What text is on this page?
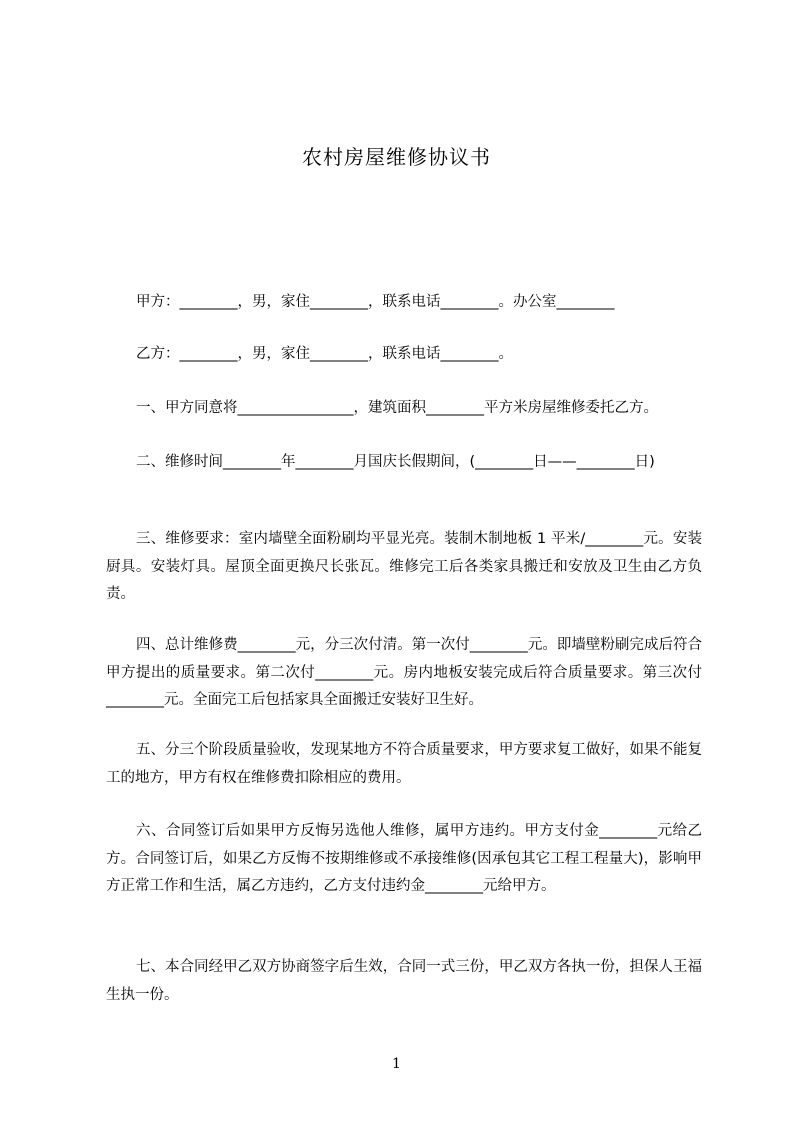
农村房屋维修协议书
甲方：________，男，家住________，联系电话________。办公室________
乙方：________，男，家住________，联系电话________。
一、甲方同意将________________，建筑面积________平方米房屋维修委托乙方。
二、维修时间________年________月国庆长假期间，(________日——________日)
三、维修要求：室内墙壁全面粉刷均平显光亮。装制木制地板 1 平米/________元。安装厨具。安装灯具。屋顶全面更换尺长张瓦。维修完工后各类家具搬迁和安放及卫生由乙方负责。
四、总计维修费________元，分三次付清。第一次付________元。即墙壁粉刷完成后符合甲方提出的质量要求。第二次付________元。房内地板安装完成后符合质量要求。第三次付________元。全面完工后包括家具全面搬迁安装好卫生好。
五、分三个阶段质量验收，发现某地方不符合质量要求，甲方要求复工做好，如果不能复工的地方，甲方有权在维修费扣除相应的费用。
六、合同签订后如果甲方反悔另选他人维修，属甲方违约。甲方支付金________元给乙方。合同签订后，如果乙方反悔不按期维修或不承接维修(因承包其它工程工程量大)，影响甲方正常工作和生活，属乙方违约，乙方支付违约金________元给甲方。
七、本合同经甲乙双方协商签字后生效，合同一式三份，甲乙双方各执一份，担保人王福生执一份。
1
